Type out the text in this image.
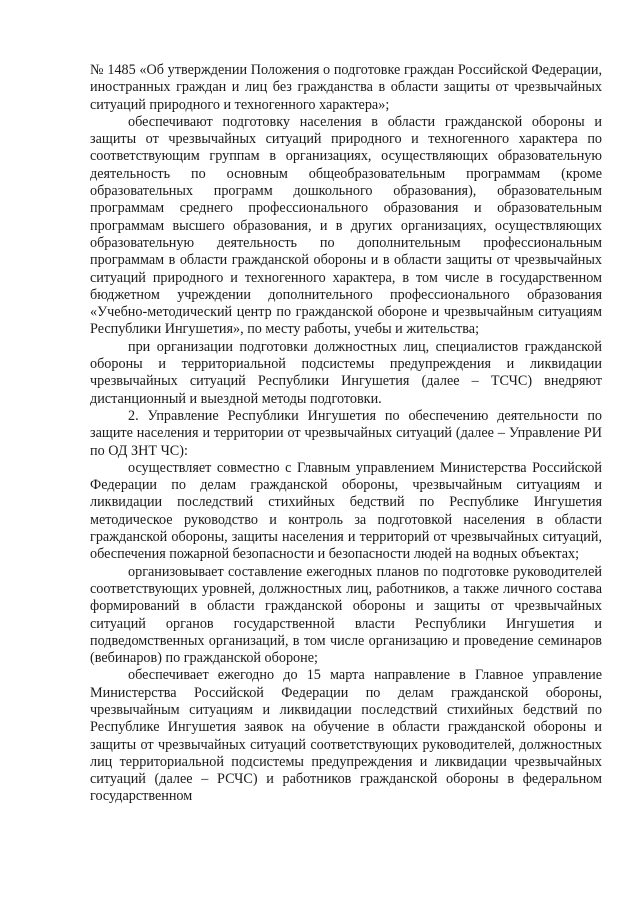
№ 1485 «Об утверждении Положения о подготовке граждан Российской Федерации, иностранных граждан и лиц без гражданства в области защиты от чрезвычайных ситуаций природного и техногенного характера»;

обеспечивают подготовку населения в области гражданской обороны и защиты от чрезвычайных ситуаций природного и техногенного характера по соответствующим группам в организациях, осуществляющих образовательную деятельность по основным общеобразовательным программам (кроме образовательных программ дошкольного образования), образовательным программам среднего профессионального образования и образовательным программам высшего образования, и в других организациях, осуществляющих образовательную деятельность по дополнительным профессиональным программам в области гражданской обороны и в области защиты от чрезвычайных ситуаций природного и техногенного характера, в том числе в государственном бюджетном учреждении дополнительного профессионального образования «Учебно-методический центр по гражданской обороне и чрезвычайным ситуациям Республики Ингушетия», по месту работы, учебы и жительства;

при организации подготовки должностных лиц, специалистов гражданской обороны и территориальной подсистемы предупреждения и ликвидации чрезвычайных ситуаций Республики Ингушетия (далее – ТСЧС) внедряют дистанционный и выездной методы подготовки.

2. Управление Республики Ингушетия по обеспечению деятельности по защите населения и территории от чрезвычайных ситуаций (далее – Управление РИ по ОД ЗНТ ЧС):

осуществляет совместно с Главным управлением Министерства Российской Федерации по делам гражданской обороны, чрезвычайным ситуациям и ликвидации последствий стихийных бедствий по Республике Ингушетия методическое руководство и контроль за подготовкой населения в области гражданской обороны, защиты населения и территорий от чрезвычайных ситуаций, обеспечения пожарной безопасности и безопасности людей на водных объектах;

организовывает составление ежегодных планов по подготовке руководителей соответствующих уровней, должностных лиц, работников, а также личного состава формирований в области гражданской обороны и защиты от чрезвычайных ситуаций органов государственной власти Республики Ингушетия и подведомственных организаций, в том числе организацию и проведение семинаров (вебинаров) по гражданской обороне;

обеспечивает ежегодно до 15 марта направление в Главное управление Министерства Российской Федерации по делам гражданской обороны, чрезвычайным ситуациям и ликвидации последствий стихийных бедствий по Республике Ингушетия заявок на обучение в области гражданской обороны и защиты от чрезвычайных ситуаций соответствующих руководителей, должностных лиц территориальной подсистемы предупреждения и ликвидации чрезвычайных ситуаций (далее – РСЧС) и работников гражданской обороны в федеральном государственном
